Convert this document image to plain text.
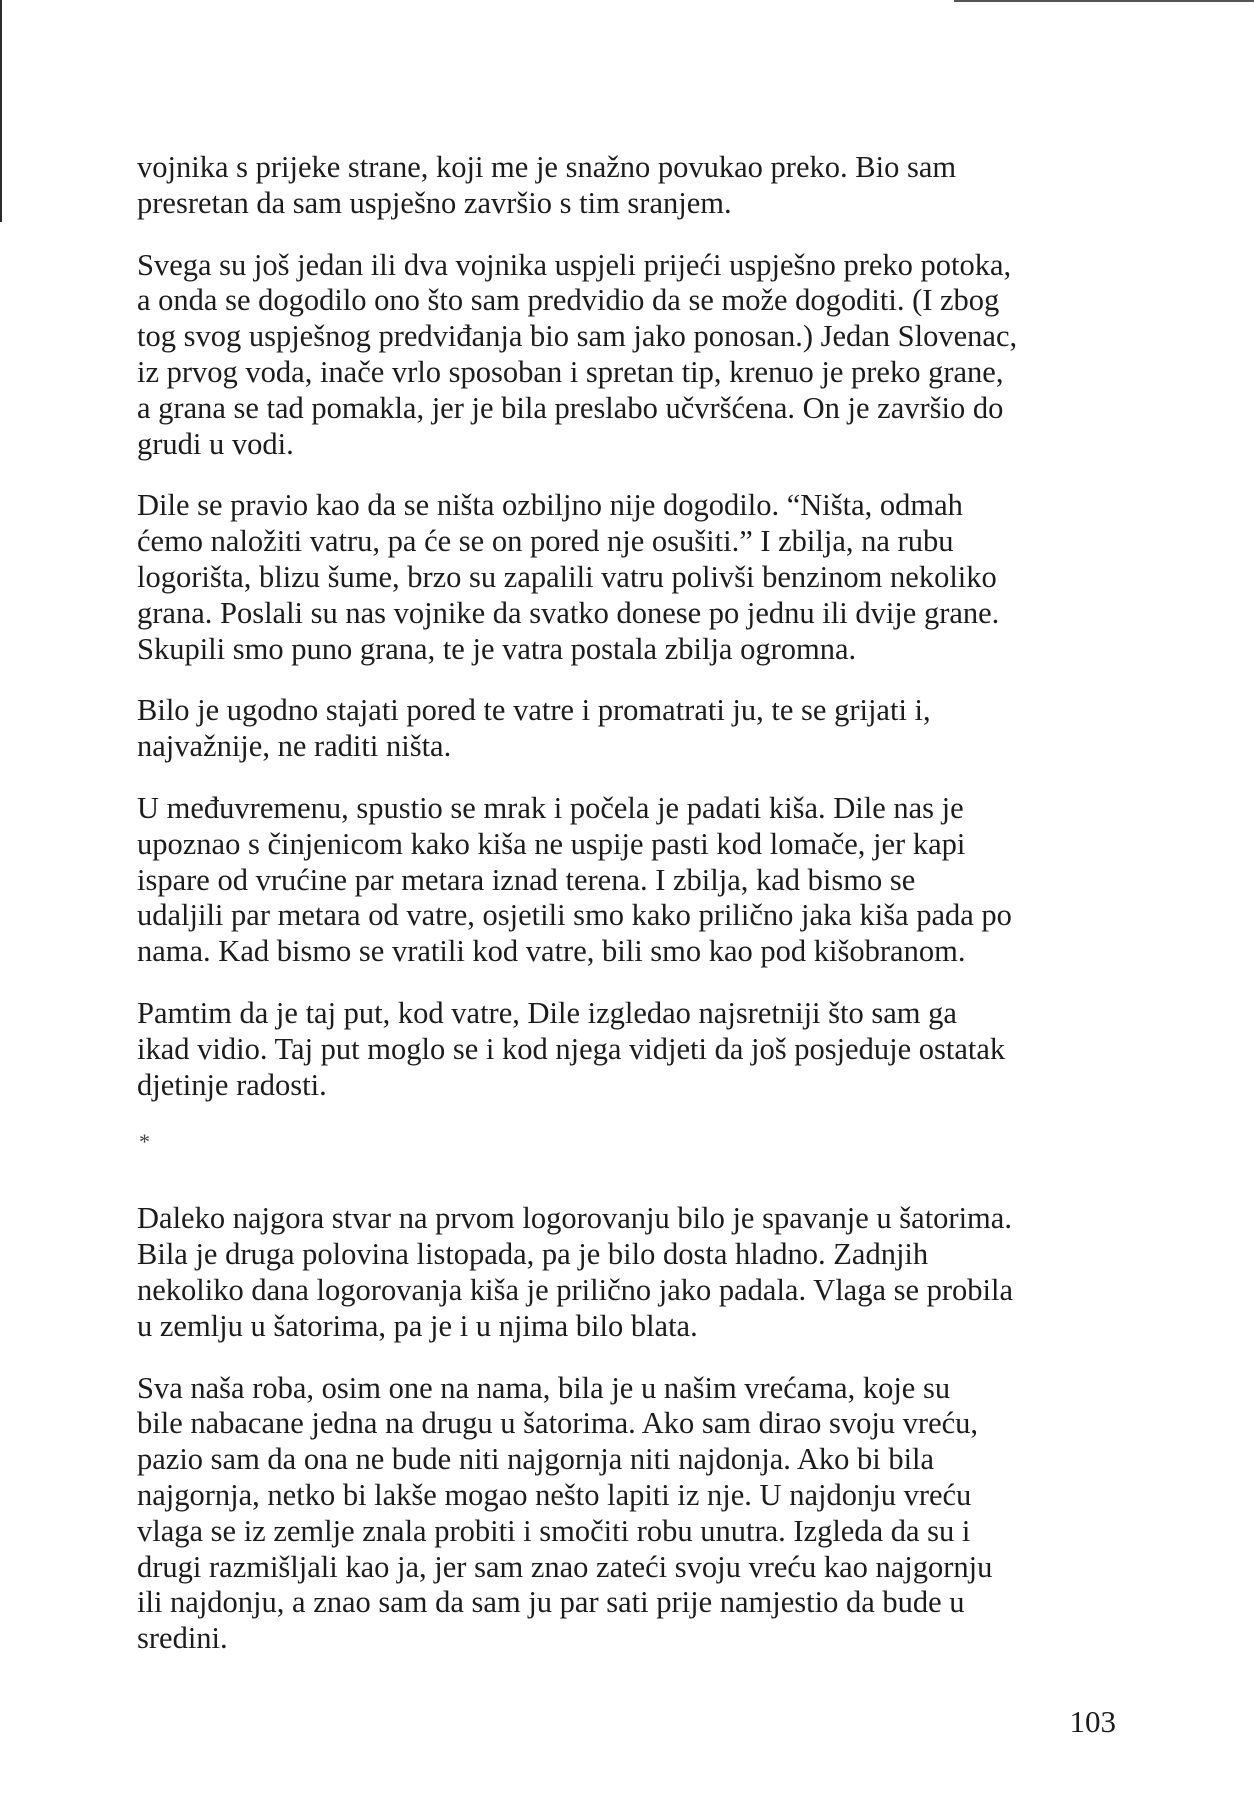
vojnika s prijeke strane, koji me je snažno povukao preko. Bio sam
presretan da sam uspješno završio s tim sranjem.

Svega su još jedan ili dva vojnika uspjeli prijeći uspješno preko potoka,
a onda se dogodilo ono što sam predvidio da se može dogoditi. (I zbog
tog svog uspješnog predviđanja bio sam jako ponosan.) Jedan Slovenac,
iz prvog voda, inače vrlo sposoban i spretan tip, krenuo je preko grane,
a grana se tad pomakla, jer je bila preslabo učvršćena. On je završio do
grudi u vodi.

Dile se pravio kao da se ništa ozbiljno nije dogodilo. “Ništa, odmah
ćemo naložiti vatru, pa će se on pored nje osušiti.” I zbilja, na rubu
logorišta, blizu šume, brzo su zapalili vatru polivši benzinom nekoliko
grana. Poslali su nas vojnike da svatko donese po jednu ili dvije grane.
Skupili smo puno grana, te je vatra postala zbilja ogromna.

Bilo je ugodno stajati pored te vatre i promatrati ju, te se grijati i,
najvažnije, ne raditi ništa.

U međuvremenu, spustio se mrak i počela je padati kiša. Dile nas je
upoznao s činjenicom kako kiša ne uspije pasti kod lomače, jer kapi
ispare od vrućine par metara iznad terena. I zbilja, kad bismo se
udaljili par metara od vatre, osjetili smo kako prilično jaka kiša pada po
nama. Kad bismo se vratili kod vatre, bili smo kao pod kišobranom.

Pamtim da je taj put, kod vatre, Dile izgledao najsretniji što sam ga
ikad vidio. Taj put moglo se i kod njega vidjeti da još posjeduje ostatak
djetinje radosti.

*

Daleko najgora stvar na prvom logorovanju bilo je spavanje u šatorima.
Bila je druga polovina listopada, pa je bilo dosta hladno. Zadnjih
nekoliko dana logorovanja kiša je prilično jako padala. Vlaga se probila
u zemlju u šatorima, pa je i u njima bilo blata.

Sva naša roba, osim one na nama, bila je u našim vrećama, koje su
bile nabacane jedna na drugu u šatorima. Ako sam dirao svoju vreću,
pazio sam da ona ne bude niti najgornja niti najdonja. Ako bi bila
najgornja, netko bi lakše mogao nešto lapiti iz nje. U najdonju vreću
vlaga se iz zemlje znala probiti i smočiti robu unutra. Izgleda da su i
drugi razmišljali kao ja, jer sam znao zateći svoju vreću kao najgornju
ili najdonju, a znao sam da sam ju par sati prije namjestio da bude u
sredini.

103
